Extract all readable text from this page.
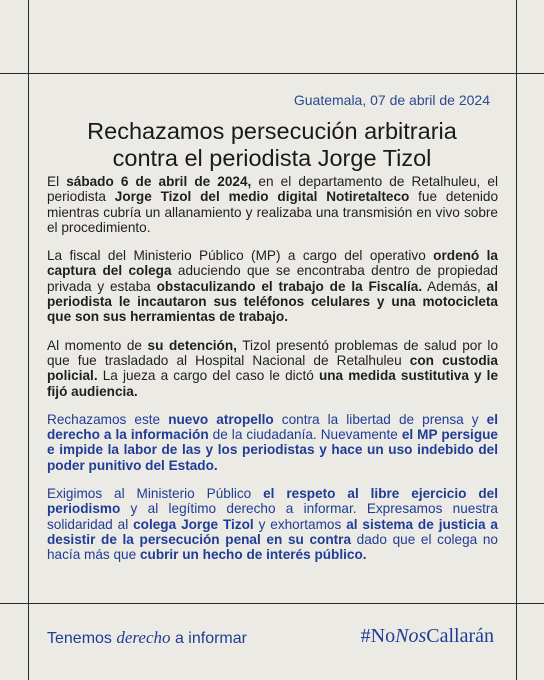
Guatemala, 07 de abril de 2024
Rechazamos persecución arbitraria
contra el periodista Jorge Tizol

El sábado 6 de abril de 2024, en el departamento de Retalhuleu, el periodista Jorge Tizol del medio digital Notiretalteco fue detenido mientras cubría un allanamiento y realizaba una transmisión en vivo sobre el procedimiento.

La fiscal del Ministerio Público (MP) a cargo del operativo ordenó la captura del colega aduciendo que se encontraba dentro de propiedad privada y estaba obstaculizando el trabajo de la Fiscalía. Además, al periodista le incautaron sus teléfonos celulares y una motocicleta que son sus herramientas de trabajo.

Al momento de su detención, Tizol presentó problemas de salud por lo que fue trasladado al Hospital Nacional de Retalhuleu con custodia policial. La jueza a cargo del caso le dictó una medida sustitutiva y le fijó audiencia.

Rechazamos este nuevo atropello contra la libertad de prensa y el derecho a la información de la ciudadanía. Nuevamente el MP persigue e impide la labor de las y los periodistas y hace un uso indebido del poder punitivo del Estado.

Exigimos al Ministerio Público el respeto al libre ejercicio del periodismo y al legítimo derecho a informar. Expresamos nuestra solidaridad al colega Jorge Tizol y exhortamos al sistema de justicia a desistir de la persecución penal en su contra dado que el colega no hacía más que cubrir un hecho de interés público.

Tenemos derecho a informar	#NoNosCallarán
